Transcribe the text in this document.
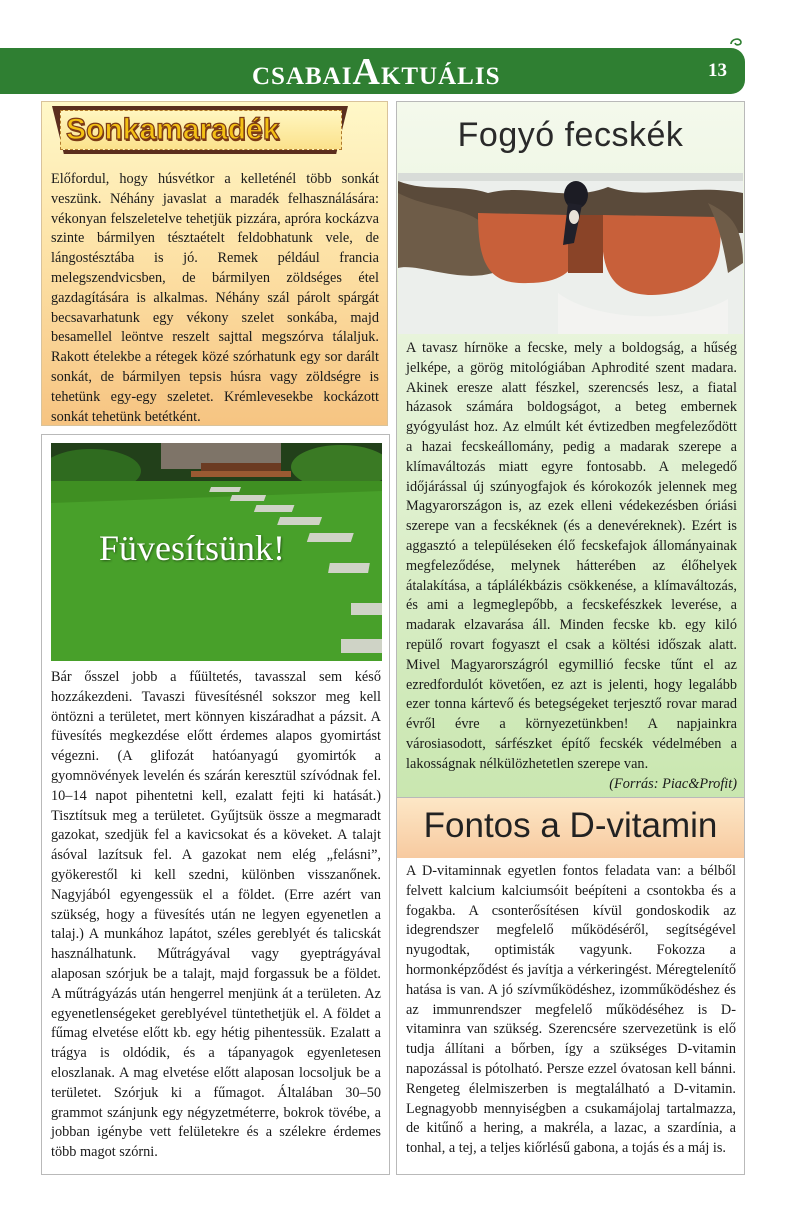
CSABAIAKTUÁLIS	13
Sonkamaradék

Előfordul, hogy húsvétkor a kelleténél több sonkát veszünk. Néhány javaslat a maradék felhasználására: vékonyan felszeletelve tehetjük pizzára, apróra kockázva szinte bármilyen tésztaételt feldobhatunk vele, de lángostésztába is jó. Remek például francia melegszendvicsben, de bármilyen zöldséges étel gazdagítására is alkalmas. Néhány szál párolt spárgát becsavarhatunk egy vékony szelet sonkába, majd besamellel leöntve reszelt sajttal megszórva tálaljuk. Rakott ételekbe a rétegek közé szórhatunk egy sor darált sonkát, de bármilyen tepsis húsra vagy zöldségre is tehetünk egy-egy szeletet. Krémlevesekbe kockázott sonkát tehetünk betétként.

Füvesítsünk!

Bár ősszel jobb a fűültetés, tavasszal sem késő hozzákezdeni. Tavaszi füvesítésnél sokszor meg kell öntözni a területet, mert könnyen kiszáradhat a pázsit. A füvesítés megkezdése előtt érdemes alapos gyomirtást végezni. (A glifozát hatóanyagú gyomirtók a gyomnövények levelén és szárán keresztül szívódnak fel. 10–14 napot pihentetni kell, ezalatt fejti ki hatását.) Tisztítsuk meg a területet. Gyűjtsük össze a megmaradt gazokat, szedjük fel a kavicsokat és a köveket. A talajt ásóval lazítsuk fel. A gazokat nem elég „felásni”, gyökerestől ki kell szedni, különben visszanőnek. Nagyjából egyengessük el a földet. (Erre azért van szükség, hogy a füvesítés után ne legyen egyenetlen a talaj.) A munkához lapátot, széles gereblyét és talicskát használhatunk. Műtrágyával vagy gyeptrágyával alaposan szórjuk be a talajt, majd forgassuk be a földet. A műtrágyázás után hengerrel menjünk át a területen. Az egyenetlenségeket gereblyével tüntethetjük el. A földet a fűmag elvetése előtt kb. egy hétig pihentessük. Ezalatt a trágya is oldódik, és a tápanyagok egyenletesen eloszlanak. A mag elvetése előtt alaposan locsoljuk be a területet. Szórjuk ki a fűmagot. Általában 30–50 grammot szánjunk egy négyzetméterre, bokrok tövébe, a jobban igénybe vett felületekre és a szélekre érdemes több magot szórni.

Fogyó fecskék

A tavasz hírnöke a fecske, mely a boldogság, a hűség jelképe, a görög mitológiában Aphrodité szent madara. Akinek eresze alatt fészkel, szerencsés lesz, a fiatal házasok számára boldogságot, a beteg embernek gyógyulást hoz. Az elmúlt két évtizedben megfeleződött a hazai fecskeállomány, pedig a madarak szerepe a klímaváltozás miatt egyre fontosabb. A melegedő időjárással új szúnyogfajok és kórokozók jelennek meg Magyarországon is, az ezek elleni védekezésben óriási szerepe van a fecskéknek (és a denevéreknek). Ezért is aggasztó a településeken élő fecskefajok állományainak megfeleződése, melynek hátterében az élőhelyek átalakítása, a táplálékbázis csökkenése, a klímaváltozás, és ami a legmeglepőbb, a fecskefészkek leverése, a madarak elzavarása áll. Minden fecske kb. egy kiló repülő rovart fogyaszt el csak a költési időszak alatt. Mivel Magyarországról egymillió fecske tűnt el az ezredfordulót követően, ez azt is jelenti, hogy legalább ezer tonna kártevő és betegségeket terjesztő rovar marad évről évre a környezetünkben! A napjainkra városiasodott, sárfészket építő fecskék védelmében a lakosságnak nélkülözhetetlen szerepe van.
(Forrás: Piac&Profit)

Fontos a D-vitamin

A D-vitaminnak egyetlen fontos feladata van: a bélből felvett kalcium kalciumsóit beépíteni a csontokba és a fogakba. A csonterősítésen kívül gondoskodik az idegrendszer megfelelő működéséről, segítségével nyugodtak, optimisták vagyunk. Fokozza a hormonképződést és javítja a vérkeringést. Méregtelenítő hatása is van. A jó szívműködéshez, izomműködéshez és az immunrendszer megfelelő működéséhez is D-vitaminra van szükség. Szerencsére szervezetünk is elő tudja állítani a bőrben, így a szükséges D-vitamin napozással is pótolható. Persze ezzel óvatosan kell bánni. Rengeteg élelmiszerben is megtalálható a D-vitamin. Legnagyobb mennyiségben a csukamájolaj tartalmazza, de kitűnő a hering, a makréla, a lazac, a szardínia, a tonhal, a tej, a teljes kiőrlésű gabona, a tojás és a máj is.
